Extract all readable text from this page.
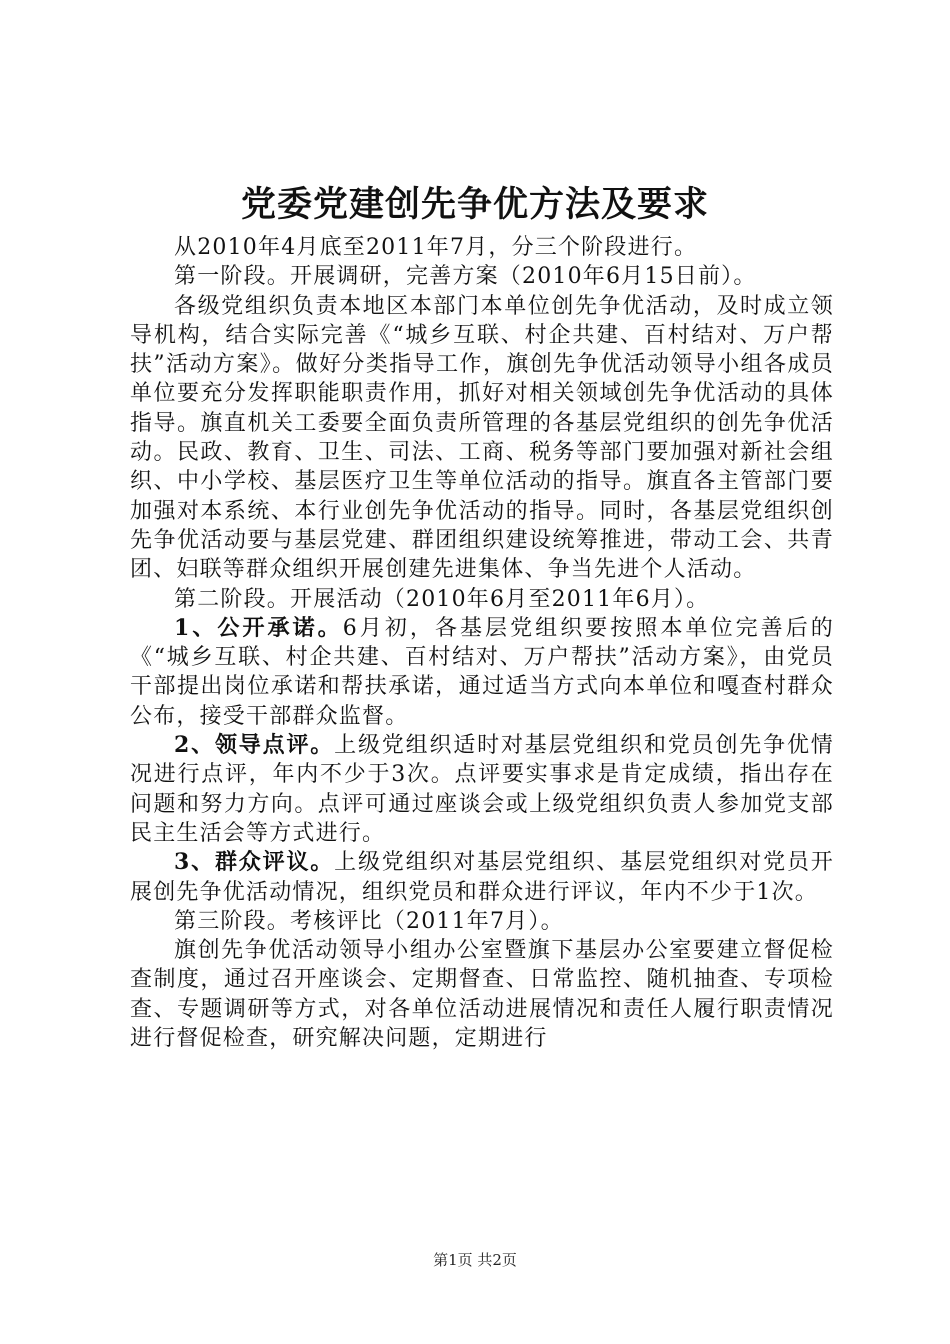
党委党建创先争优方法及要求

从2010年4月底至2011年7月，分三个阶段进行。

第一阶段。开展调研，完善方案（2010年6月15日前）。

各级党组织负责本地区本部门本单位创先争优活动，及时成立领导机构，结合实际完善《“城乡互联、村企共建、百村结对、万户帮扶”活动方案》。做好分类指导工作，旗创先争优活动领导小组各成员单位要充分发挥职能职责作用，抓好对相关领域创先争优活动的具体指导。旗直机关工委要全面负责所管理的各基层党组织的创先争优活动。民政、教育、卫生、司法、工商、税务等部门要加强对新社会组织、中小学校、基层医疗卫生等单位活动的指导。旗直各主管部门要加强对本系统、本行业创先争优活动的指导。同时，各基层党组织创先争优活动要与基层党建、群团组织建设统筹推进，带动工会、共青团、妇联等群众组织开展创建先进集体、争当先进个人活动。

第二阶段。开展活动（2010年6月至2011年6月）。

1、公开承诺。6月初，各基层党组织要按照本单位完善后的《“城乡互联、村企共建、百村结对、万户帮扶”活动方案》，由党员干部提出岗位承诺和帮扶承诺，通过适当方式向本单位和嘎查村群众公布，接受干部群众监督。

2、领导点评。上级党组织适时对基层党组织和党员创先争优情况进行点评，年内不少于3次。点评要实事求是肯定成绩，指出存在问题和努力方向。点评可通过座谈会或上级党组织负责人参加党支部民主生活会等方式进行。

3、群众评议。上级党组织对基层党组织、基层党组织对党员开展创先争优活动情况，组织党员和群众进行评议，年内不少于1次。

第三阶段。考核评比（2011年7月）。

旗创先争优活动领导小组办公室暨旗下基层办公室要建立督促检查制度，通过召开座谈会、定期督查、日常监控、随机抽查、专项检查、专题调研等方式，对各单位活动进展情况和责任人履行职责情况进行督促检查，研究解决问题，定期进行

第1页 共2页
